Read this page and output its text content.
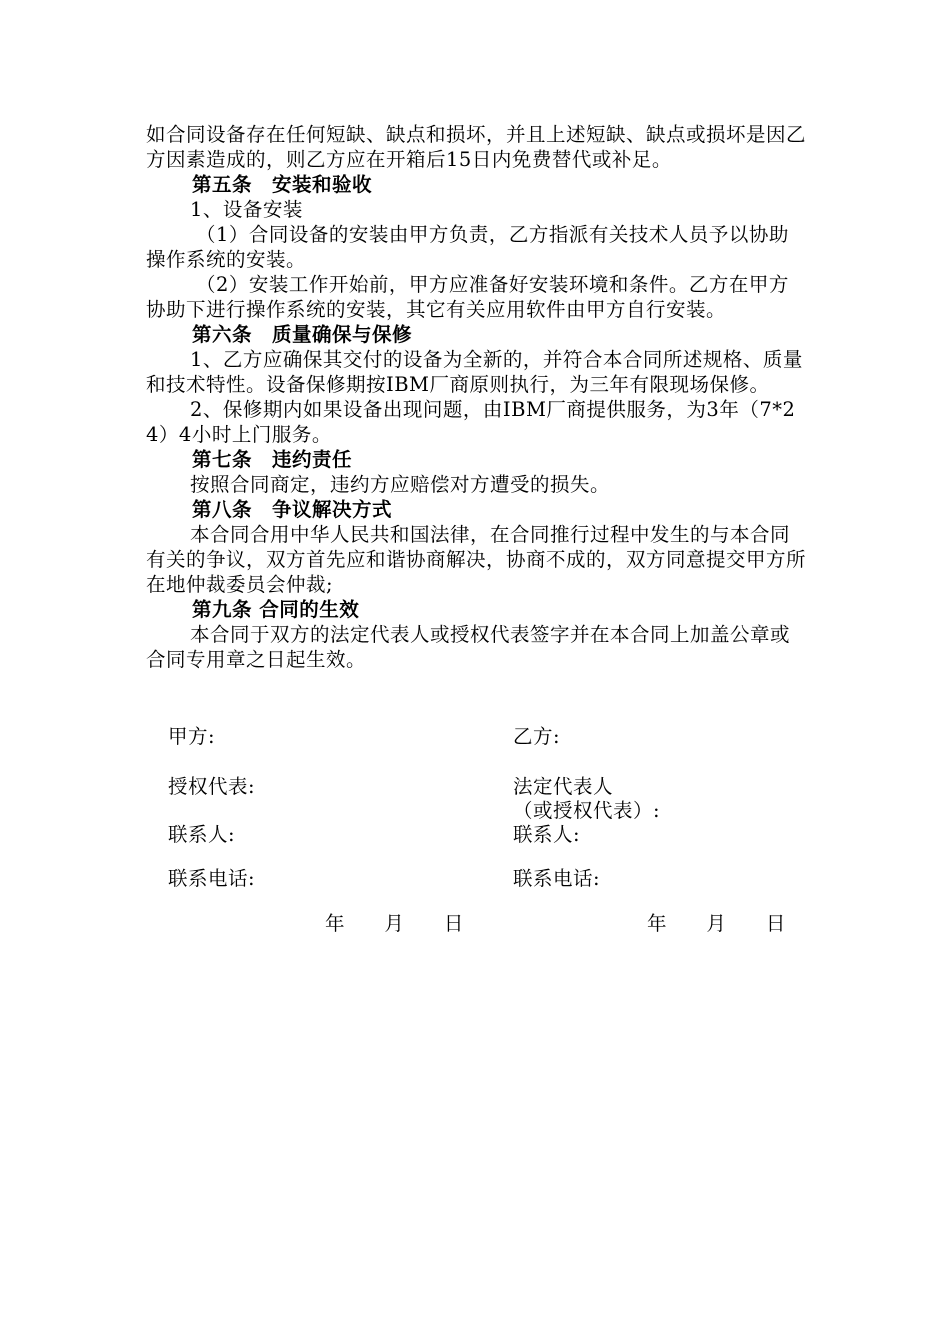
如合同设备存在任何短缺、缺点和损坏，并且上述短缺、缺点或损坏是因乙方因素造成的，则乙方应在开箱后15日内免费替代或补足。

第五条　安装和验收

1、设备安装

（1）合同设备的安装由甲方负责，乙方指派有关技术人员予以协助操作系统的安装。

（2）安装工作开始前，甲方应准备好安装环境和条件。乙方在甲方协助下进行操作系统的安装，其它有关应用软件由甲方自行安装。

第六条　质量确保与保修

1、乙方应确保其交付的设备为全新的，并符合本合同所述规格、质量和技术特性。设备保修期按IBM厂商原则执行，为三年有限现场保修。

2、保修期内如果设备出现问题，由IBM厂商提供服务，为3年（7*24）4小时上门服务。

第七条　违约责任

按照合同商定，违约方应赔偿对方遭受的损失。

第八条　争议解决方式

本合同合用中华人民共和国法律，在合同推行过程中发生的与本合同有关的争议，双方首先应和谐协商解决，协商不成的，双方同意提交甲方所在地仲裁委员会仲裁;

第九条 合同的生效

本合同于双方的法定代表人或授权代表签字并在本合同上加盖公章或合同专用章之日起生效。

甲方:
授权代表:
联系人:
联系电话:
年 月 日
乙方:
法定代表人
（或授权代表）:
联系人:
联系电话:
年 月 日
